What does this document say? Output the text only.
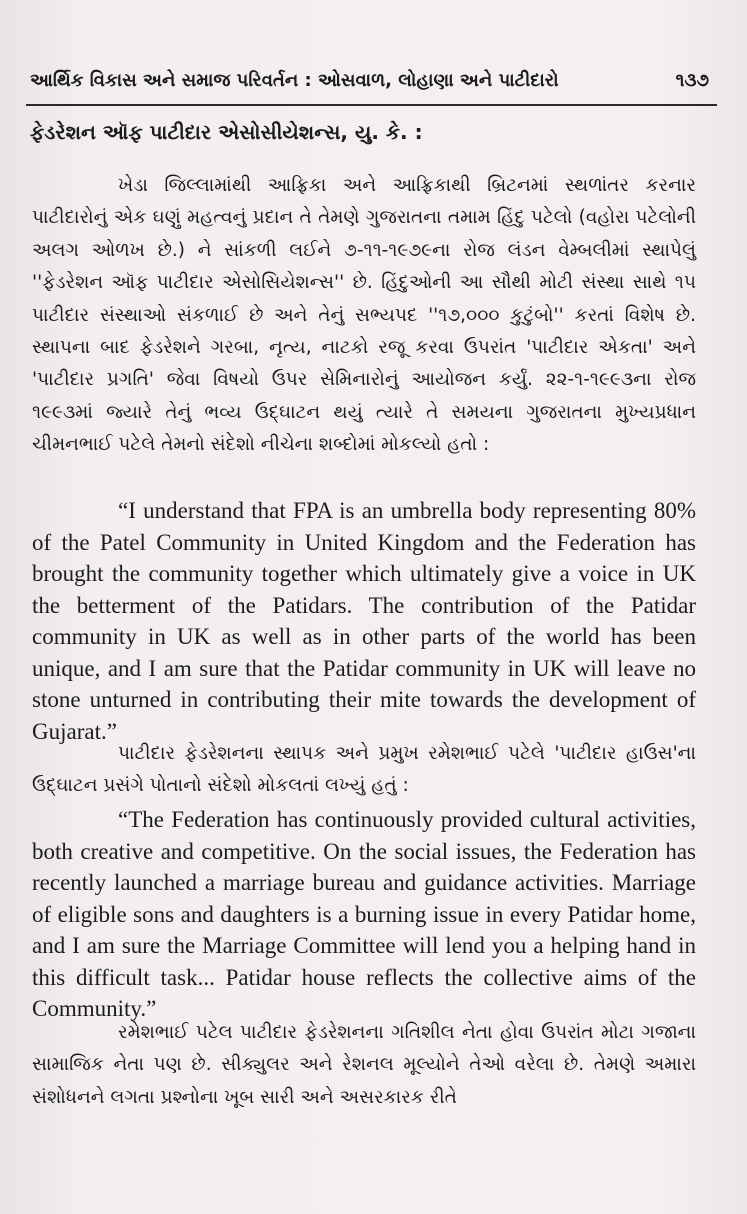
આર્થિક વિકાસ અને સમાજ પરિવર્તન : ઓસવાળ, લોહાણા અને પાટીદારો	૧૩૭
ફેડરેશન ઑફ પાટીદાર એસોસીયેશન્સ, યુ. કે. :

ખેડા જિલ્લામાંથી આફ્રિકા અને આફ્રિકાથી બ્રિટનમાં સ્થળાંતર કરનાર પાટીદારોનું એક ઘણું મહત્વનું પ્રદાન તે તેમણે ગુજરાતના તમામ હિંદુ પટેલો (વહોરા પટેલોની અલગ ઓળખ છે.) ને સાંકળી લઈને ૭-૧૧-૧૯૭૯ના રોજ લંડન વેમ્બલીમાં સ્થાપેલું ''ફેડરેશન ઑફ પાટીદાર એસોસિયેશન્સ'' છે. હિંદુઓની આ સૌથી મોટી સંસ્થા સાથે ૧૫ પાટીદાર સંસ્થાઓ સંકળાઈ છે અને તેનું સભ્યપદ ''૧૭,૦૦૦ કુટુંબો'' કરતાં વિશેષ છે. સ્થાપના બાદ ફેડરેશને ગરબા, નૃત્ય, નાટકો રજૂ કરવા ઉપરાંત 'પાટીદાર એકતા' અને 'પાટીદાર પ્રગતિ' જેવા વિષયો ઉપર સેમિનારોનું આયોજન કર્યું. ૨૨-૧-૧૯૯૩ના રોજ ૧૯૯૩માં જ્યારે તેનું ભવ્ય ઉદ્‌ઘાટન થયું ત્યારે તે સમયના ગુજરાતના મુખ્યપ્રધાન ચીમનભાઈ પટેલે તેમનો સંદેશો નીચેના શબ્દોમાં મોકલ્યો હતો :

“I understand that FPA is an umbrella body representing 80% of the Patel Community in United Kingdom and the Federation has brought the community together which ultimately give a voice in UK the betterment of the Patidars. The contribution of the Patidar community in UK as well as in other parts of the world has been unique, and I am sure that the Patidar community in UK will leave no stone unturned in contributing their mite towards the development of Gujarat.”

પાટીદાર ફેડરેશનના સ્થાપક અને પ્રમુખ રમેશભાઈ પટેલે 'પાટીદાર હાઉસ'ના ઉદ્‌ઘાટન પ્રસંગે પોતાનો સંદેશો મોકલતાં લખ્યું હતું :

“The Federation has continuously provided cultural activities, both creative and competitive. On the social issues, the Federation has recently launched a marriage bureau and guidance activities. Marriage of eligible sons and daughters is a burning issue in every Patidar home, and I am sure the Marriage Committee will lend you a helping hand in this difficult task... Patidar house reflects the collective aims of the Community.”

રમેશભાઈ પટેલ પાટીદાર ફેડરેશનના ગતિશીલ નેતા હોવા ઉપરાંત મોટા ગજાના સામાજિક નેતા પણ છે. સીક્યુલર અને રેશનલ મૂલ્યોને તેઓ વરેલા છે. તેમણે અમારા સંશોધનને લગતા પ્રશ્નોના ખૂબ સારી અને અસરકારક રીતે
